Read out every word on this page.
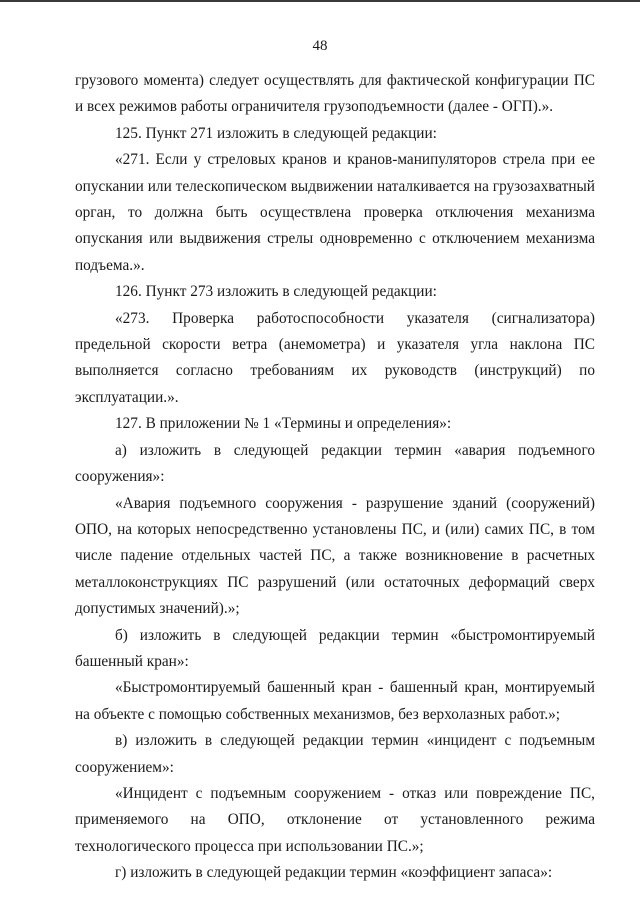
48

грузового момента) следует осуществлять для фактической конфигурации ПС и всех режимов работы ограничителя грузоподъемности (далее - ОГП).».

125. Пункт 271 изложить в следующей редакции:

«271. Если у стреловых кранов и кранов-манипуляторов стрела при ее опускании или телескопическом выдвижении наталкивается на грузозахватный орган, то должна быть осуществлена проверка отключения механизма опускания или выдвижения стрелы одновременно с отключением механизма подъема.».

126. Пункт 273 изложить в следующей редакции:

«273. Проверка работоспособности указателя (сигнализатора) предельной скорости ветра (анемометра) и указателя угла наклона ПС выполняется согласно требованиям их руководств (инструкций) по эксплуатации.».

127. В приложении № 1 «Термины и определения»:

а) изложить в следующей редакции термин «авария подъемного сооружения»:

«Авария подъемного сооружения - разрушение зданий (сооружений) ОПО, на которых непосредственно установлены ПС, и (или) самих ПС, в том числе падение отдельных частей ПС, а также возникновение в расчетных металлоконструкциях ПС разрушений (или остаточных деформаций сверх допустимых значений).»;

б) изложить в следующей редакции термин «быстромонтируемый башенный кран»:

«Быстромонтируемый башенный кран - башенный кран, монтируемый на объекте с помощью собственных механизмов, без верхолазных работ.»;

в) изложить в следующей редакции термин «инцидент с подъемным сооружением»:

«Инцидент с подъемным сооружением - отказ или повреждение ПС, применяемого на ОПО, отклонение от установленного режима технологического процесса при использовании ПС.»;

г) изложить в следующей редакции термин «коэффициент запаса»:
